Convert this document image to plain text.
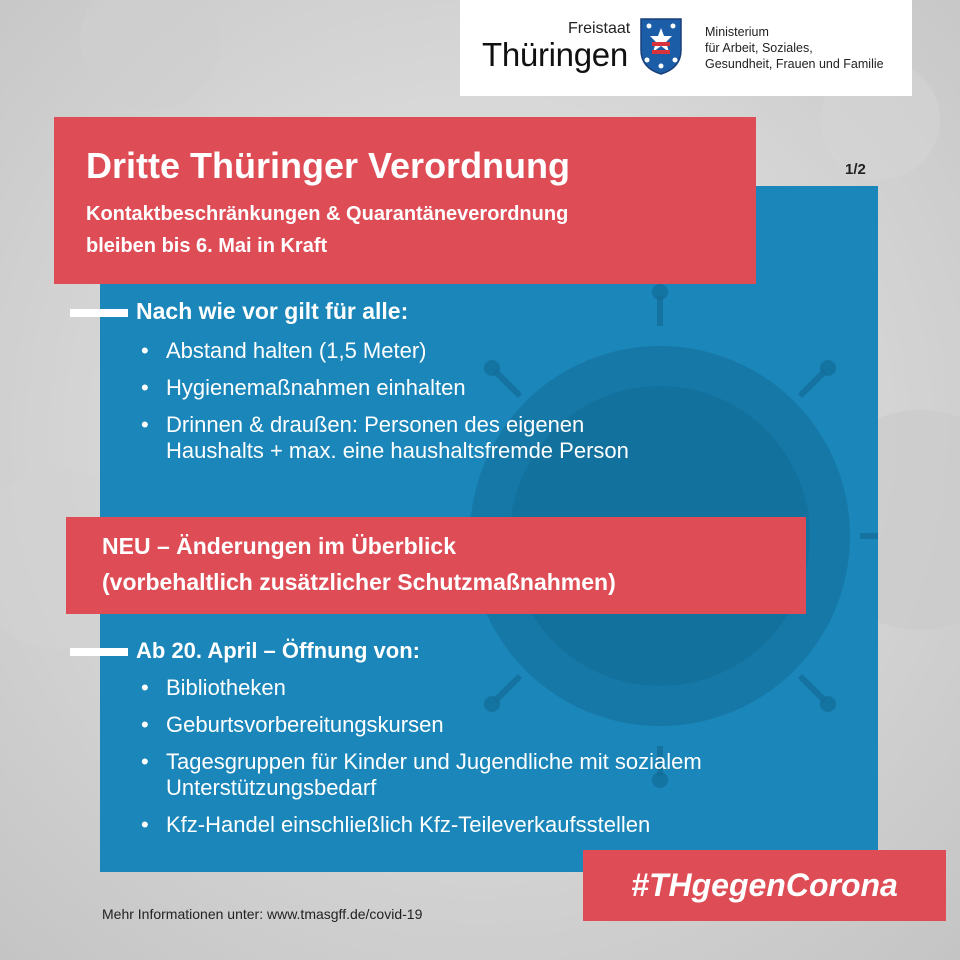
Freistaat
Thüringen
Ministerium
für Arbeit, Soziales,
Gesundheit, Frauen und Familie
1/2
Dritte Thüringer Verordnung
Kontaktbeschränkungen & Quarantäneverordnung
bleiben bis 6. Mai in Kraft
Nach wie vor gilt für alle:
• Abstand halten (1,5 Meter)
• Hygienemaßnahmen einhalten
• Drinnen & draußen: Personen des eigenen Haushalts + max. eine haushaltsfremde Person
NEU – Änderungen im Überblick
(vorbehaltlich zusätzlicher Schutzmaßnahmen)
Ab 20. April – Öffnung von:
• Bibliotheken
• Geburtsvorbereitungskursen
• Tagesgruppen für Kinder und Jugendliche mit sozialem Unterstützungsbedarf
• Kfz-Handel einschließlich Kfz-Teileverkaufsstellen
#THgegenCorona
Mehr Informationen unter: www.tmasgff.de/covid-19
